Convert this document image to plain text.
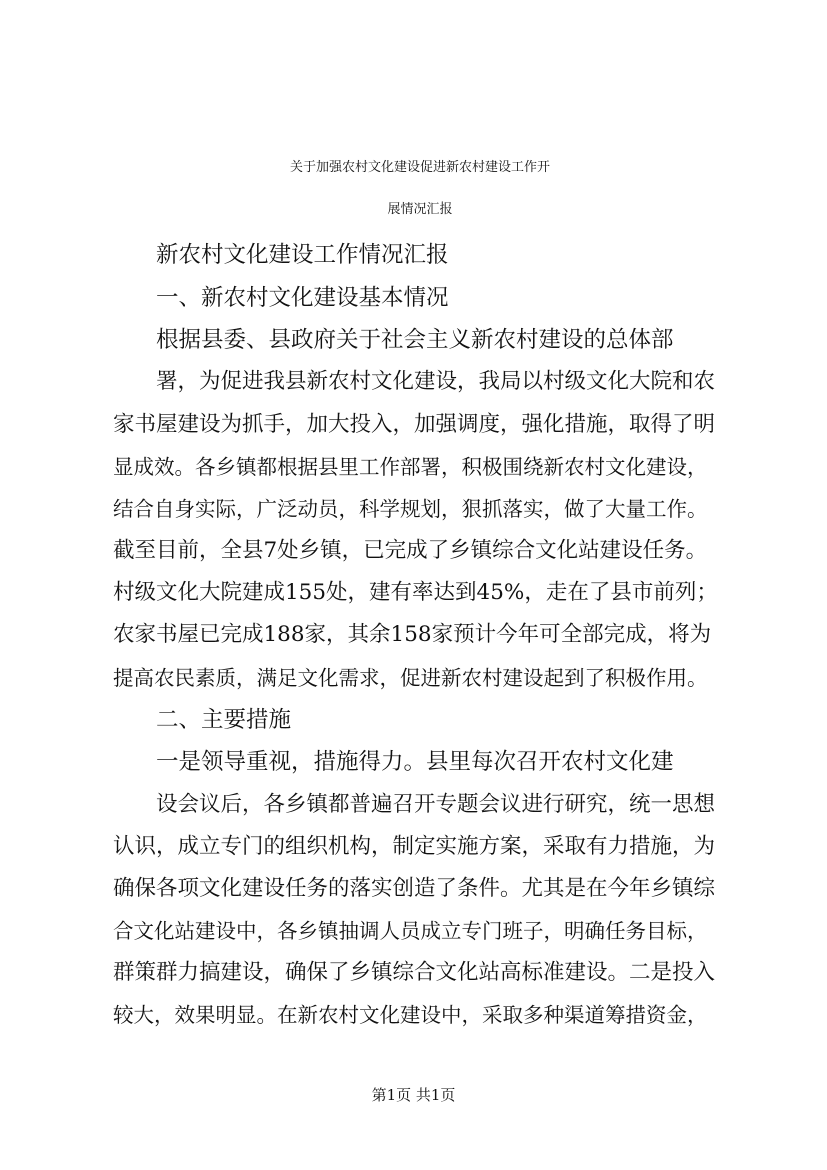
关于加强农村文化建设促进新农村建设工作开
展情况汇报

新农村文化建设工作情况汇报

一、新农村文化建设基本情况

根据县委、县政府关于社会主义新农村建设的总体部

署，为促进我县新农村文化建设，我局以村级文化大院和农

家书屋建设为抓手，加大投入，加强调度，强化措施，取得了明

显成效。各乡镇都根据县里工作部署，积极围绕新农村文化建设，

结合自身实际，广泛动员，科学规划，狠抓落实，做了大量工作。

截至目前，全县7处乡镇，已完成了乡镇综合文化站建设任务。

村级文化大院建成155处，建有率达到45%，走在了县市前列；

农家书屋已完成188家，其余158家预计今年可全部完成，将为

提高农民素质，满足文化需求，促进新农村建设起到了积极作用。

二、主要措施

一是领导重视，措施得力。县里每次召开农村文化建

设会议后，各乡镇都普遍召开专题会议进行研究，统一思想

认识，成立专门的组织机构，制定实施方案，采取有力措施，为

确保各项文化建设任务的落实创造了条件。尤其是在今年乡镇综

合文化站建设中，各乡镇抽调人员成立专门班子，明确任务目标，

群策群力搞建设，确保了乡镇综合文化站高标准建设。二是投入

较大，效果明显。在新农村文化建设中，采取多种渠道筹措资金，

第1页 共1页
